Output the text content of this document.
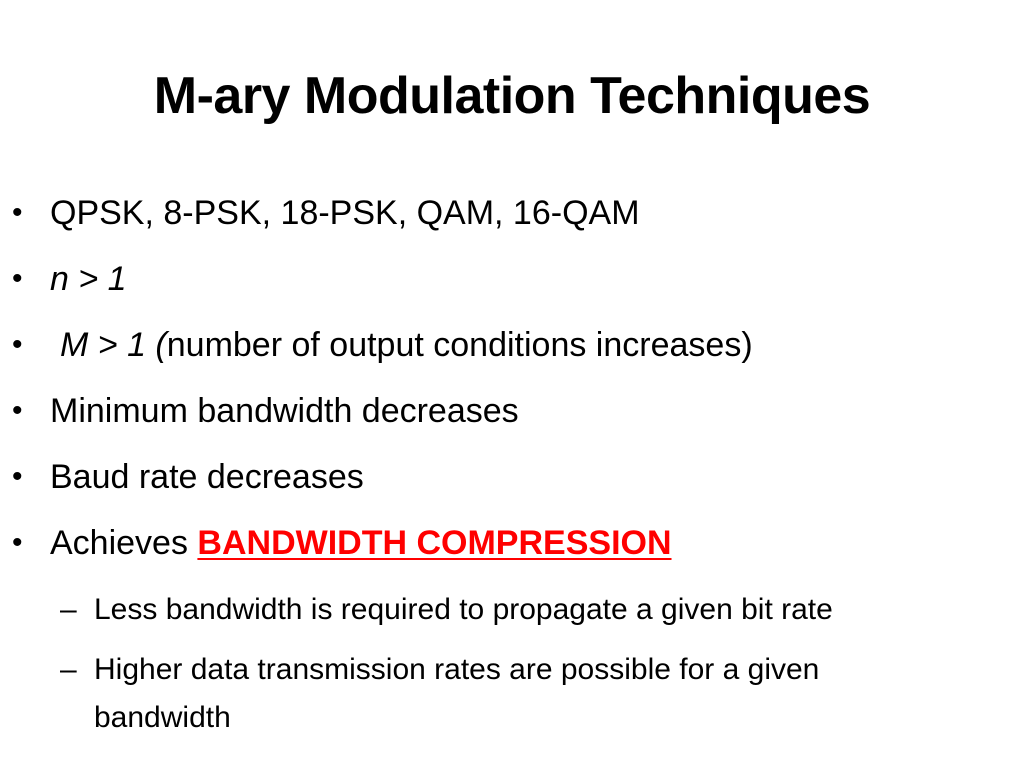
M-ary Modulation Techniques
• QPSK, 8-PSK, 18-PSK, QAM, 16-QAM
• n > 1
• M > 1 (number of output conditions increases)
• Minimum bandwidth decreases
• Baud rate decreases
• Achieves BANDWIDTH COMPRESSION
– Less bandwidth is required to propagate a given bit rate
– Higher data transmission rates are possible for a given
bandwidth
